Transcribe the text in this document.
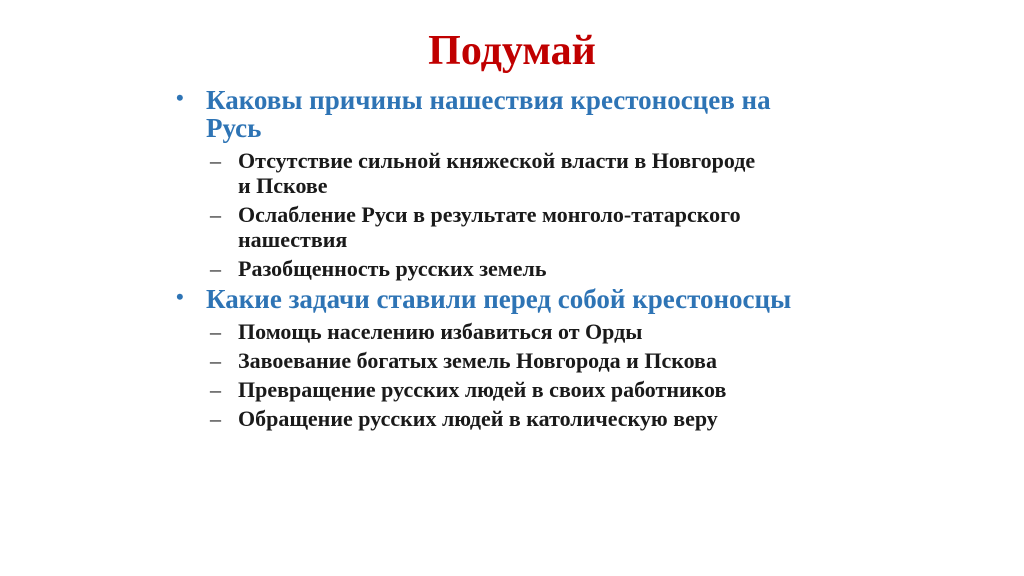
Подумай
• Каковы причины нашествия крестоносцев на
Русь
– Отсутствие сильной княжеской власти в Новгороде
и Пскове
– Ослабление Руси в результате монголо-татарского
нашествия
– Разобщенность русских земель
• Какие задачи ставили перед собой крестоносцы
– Помощь населению избавиться от Орды
– Завоевание богатых земель Новгорода и Пскова
– Превращение русских людей в своих работников
– Обращение русских людей в католическую веру
